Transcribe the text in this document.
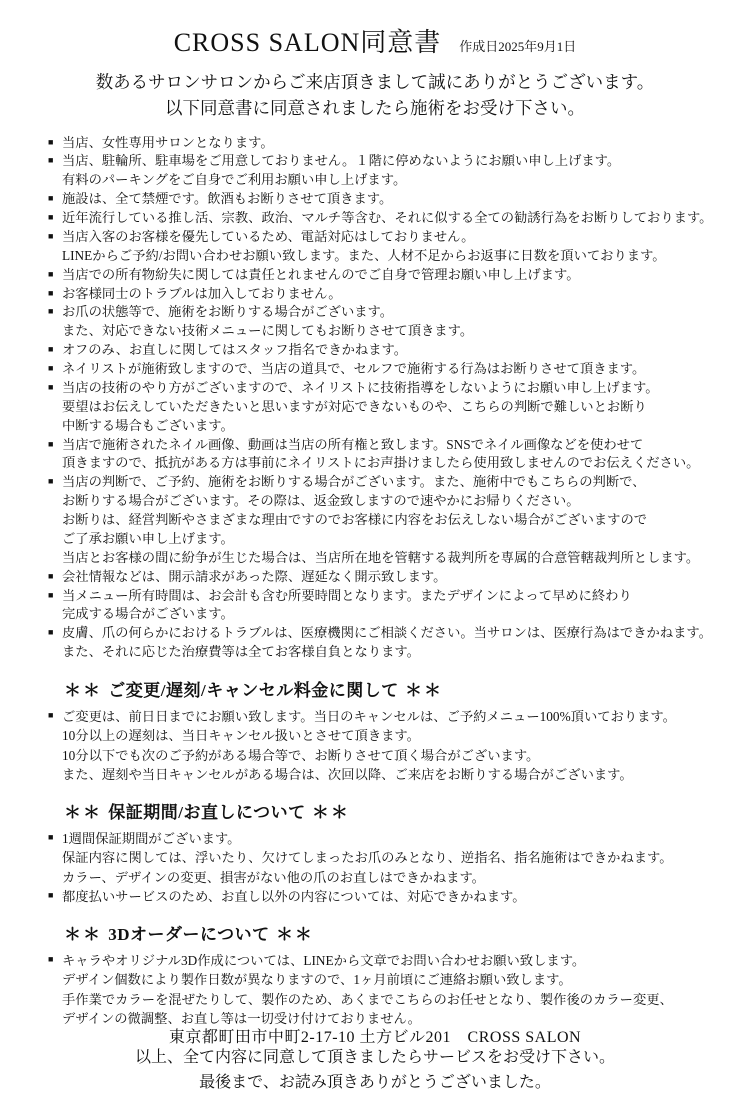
CROSS SALON同意書 作成日2025年9月1日
数あるサロンサロンからご来店頂きまして誠にありがとうございます。
以下同意書に同意されましたら施術をお受け下さい。
■ 当店、女性専用サロンとなります。
■ 当店、駐輪所、駐車場をご用意しておりません。１階に停めないようにお願い申し上げます。
有料のパーキングをご自身でご利用お願い申し上げます。
■ 施設は、全て禁煙です。飲酒もお断りさせて頂きます。
■ 近年流行している推し活、宗教、政治、マルチ等含む、それに似する全ての勧誘行為をお断りしております。
■ 当店入客のお客様を優先しているため、電話対応はしておりません。
LINEからご予約/お問い合わせお願い致します。また、人材不足からお返事に日数を頂いております。
■ 当店での所有物紛失に関しては責任とれませんのでご自身で管理お願い申し上げます。
■ お客様同士のトラブルは加入しておりません。
■ お爪の状態等で、施術をお断りする場合がございます。
また、対応できない技術メニューに関してもお断りさせて頂きます。
■ オフのみ、お直しに関してはスタッフ指名できかねます。
■ ネイリストが施術致しますので、当店の道具で、セルフで施術する行為はお断りさせて頂きます。
■ 当店の技術のやり方がございますので、ネイリストに技術指導をしないようにお願い申し上げます。
要望はお伝えしていただきたいと思いますが対応できないものや、こちらの判断で難しいとお断り
中断する場合もございます。
■ 当店で施術されたネイル画像、動画は当店の所有権と致します。SNSでネイル画像などを使わせて
頂きますので、抵抗がある方は事前にネイリストにお声掛けましたら使用致しませんのでお伝えください。
■ 当店の判断で、ご予約、施術をお断りする場合がございます。また、施術中でもこちらの判断で、
お断りする場合がございます。その際は、返金致しますので速やかにお帰りください。
お断りは、経営判断やさまざまな理由ですのでお客様に内容をお伝えしない場合がございますので
ご了承お願い申し上げます。
当店とお客様の間に紛争が生じた場合は、当店所在地を管轄する裁判所を専属的合意管轄裁判所とします。
■ 会社情報などは、開示請求があった際、遅延なく開示致します。
■ 当メニュー所有時間は、お会計も含む所要時間となります。またデザインによって早めに終わり
完成する場合がございます。
■ 皮膚、爪の何らかにおけるトラブルは、医療機関にご相談ください。当サロンは、医療行為はできかねます。
また、それに応じた治療費等は全てお客様自負となります。
＊＊ ご変更/遅刻/キャンセル料金に関して ＊＊
■ ご変更は、前日日までにお願い致します。当日のキャンセルは、ご予約メニュー100%頂いております。
10分以上の遅刻は、当日キャンセル扱いとさせて頂きます。
10分以下でも次のご予約がある場合等で、お断りさせて頂く場合がございます。
また、遅刻や当日キャンセルがある場合は、次回以降、ご来店をお断りする場合がございます。
＊＊ 保証期間/お直しについて ＊＊
■ 1週間保証期間がございます。
保証内容に関しては、浮いたり、欠けてしまったお爪のみとなり、逆指名、指名施術はできかねます。
カラー、デザインの変更、損害がない他の爪のお直しはできかねます。
■ 都度払いサービスのため、お直し以外の内容については、対応できかねます。
＊＊ 3Dオーダーについて ＊＊
■ キャラやオリジナル3D作成については、LINEから文章でお問い合わせお願い致します。
デザイン個数により製作日数が異なりますので、1ヶ月前頃にご連絡お願い致します。
手作業でカラーを混ぜたりして、製作のため、あくまでこちらのお任せとなり、製作後のカラー変更、
デザインの微調整、お直し等は一切受け付けておりません。
以上、全て内容に同意して頂きましたらサービスをお受け下さい。
最後まで、お読み頂きありがとうございました。
東京都町田市中町2-17-10 土方ビル201　CROSS SALON
